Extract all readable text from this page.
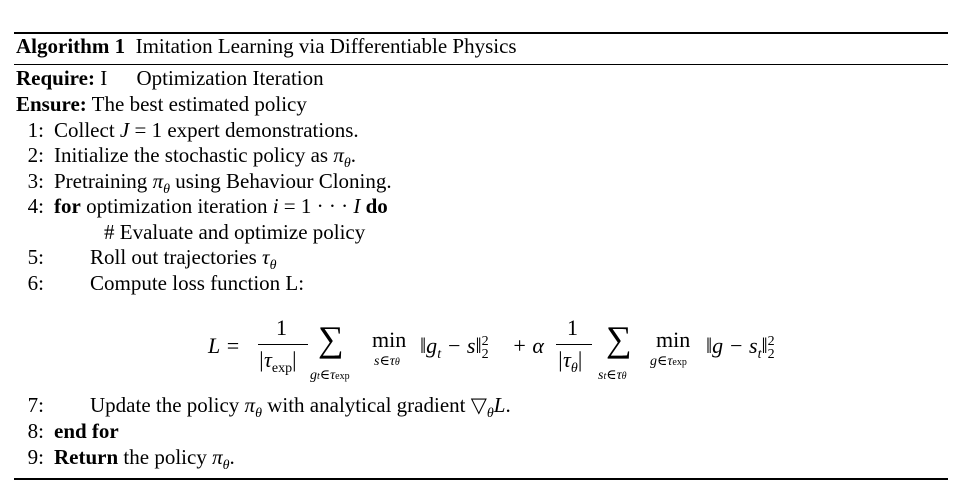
Algorithm 1 Imitation Learning via Differentiable Physics
Require: I Optimization Iteration
Ensure: The best estimated policy
1: Collect J = 1 expert demonstrations.
2: Initialize the stochastic policy as $\pi_\theta$.
3: Pretraining $\pi_\theta$ using Behaviour Cloning.
4: for optimization iteration i = 1 · · · I do
# Evaluate and optimize policy
5: Roll out trajectories $\tau_\theta$
6: Compute loss function L:
L =
1
$|\tau_{exp}|$
∑
gt∈τexp
min
s∈τθ
$‖g_t$ − s‖$^2_2$ + α
1
$|\tau_\theta|$
∑
st∈τθ
min
g∈τexp
‖g − $s_t‖^2_2$
7: Update the policy $\pi_\theta$ with analytical gradient $▽_\theta L$.
8: end for
9: Return the policy $\pi_\theta$.
